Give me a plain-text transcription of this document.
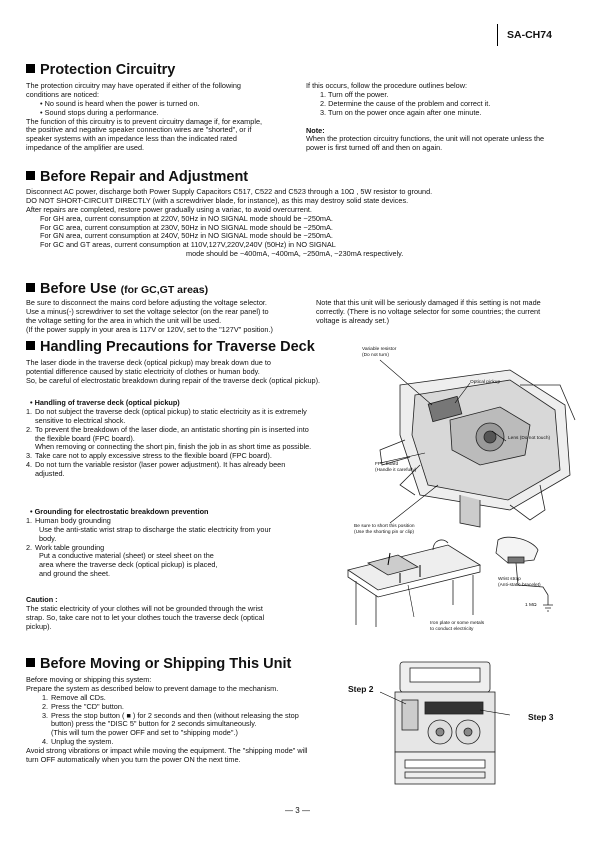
SA-CH74
Protection Circuitry
The protection circuitry may have operated if either of the following
conditions are noticed:
• No sound is heard when the power is turned on.
• Sound stops during a performance.
The function of this circuitry is to prevent circuitry damage if, for example,
the positive and negative speaker connection wires are "shorted", or if
speaker systems with an impedance less than the indicated rated
impedance of the amplifier are used.
If this occurs, follow the procedure outlines below:
1. Turn off the power.
2. Determine the cause of the problem and correct it.
3. Turn on the power once again after one minute.
Note:
When the protection circuitry functions, the unit will not operate unless the
power is first turned off and then on again.
Before Repair and Adjustment
Disconnect AC power, discharge both Power Supply Capacitors C517, C522 and C523 through a 10Ω , 5W resistor to ground.
DO NOT SHORT-CIRCUIT DIRECTLY (with a screwdriver blade, for instance), as this may destroy solid state devices.
After repairs are completed, restore power gradually using a variac, to avoid overcurrent.
For GH area, current consumption at 220V, 50Hz in NO SIGNAL mode should be ~250mA.
For GC area, current consumption at 230V, 50Hz in NO SIGNAL mode should be ~250mA.
For GN area, current consumption at 240V, 50Hz in NO SIGNAL mode should be ~250mA.
For GC and GT areas, current consumption at 110V,127V,220V,240V (50Hz) in NO SIGNAL
mode should be ~400mA, ~400mA, ~250mA, ~230mA respectively.
Before Use (for GC,GT areas)
Be sure to disconnect the mains cord before adjusting the voltage selector.
Use a minus(-) screwdriver to set the voltage selector (on the rear panel) to
the voltage setting for the area in which the unit will be used.
(If the power supply in your area is 117V or 120V, set to the "127V" position.)
Note that this unit will be seriously damaged if this setting is not made
correctly. (There is no voltage selector for some countries; the current
voltage is already set.)
Handling Precautions for Traverse Deck
The laser diode in the traverse deck (optical pickup) may break down due to
potential difference caused by static electricity of clothes or human body.
So, be careful of electrostatic breakdown during repair of the traverse deck (optical pickup).
• Handling of traverse deck (optical pickup)
1. Do not subject the traverse deck (optical pickup) to static electricity as it is extremely
sensitive to electrical shock.
2. To prevent the breakdown of the laser diode, an antistatic shorting pin is inserted into
the flexible board (FPC board).
When removing or connecting the short pin, finish the job in as short time as possible.
3. Take care not to apply excessive stress to the flexible board (FPC board).
4. Do not turn the variable resistor (laser power adjustment). It has already been
adjusted.
• Grounding for electrostatic breakdown prevention
1. Human body grounding
Use the anti-static wrist strap to discharge the static electricity from your
body.
2. Work table grounding
Put a conductive material (sheet) or steel sheet on the
area where the traverse deck (optical pickup) is placed,
and ground the sheet.
Caution :
The static electricity of your clothes will not be grounded through the wrist
strap. So, take care not to let your clothes touch the traverse deck (optical
pickup).
Variable resistor
(Do not turn)
Optical pickup
Lens (Do not touch)
FPC board
(Handle it carefully)
Be sure to short this position
(Use the shorting pin or clip)
Wrist strap
(Anti-static bracelet)
1 MΩ
Iron plate or some metals
to conduct electricity
Before Moving or Shipping This Unit
Before moving or shipping this system:
Prepare the system as described below to prevent damage to the mechanism.
1. Remove all CDs.
2. Press the "CD" button.
3. Press the stop button ( ■ ) for 2 seconds and then (without releasing the stop
button) press the "DISC 5" button for 2 seconds simultaneously.
(This will turn the power OFF and set to "shipping mode".)
4. Unplug the system.
Avoid strong vibrations or impact while moving the equipment. The "shipping mode" will
turn OFF automatically when you turn the power ON the next time.
Step 2
Step 3
— 3 —
